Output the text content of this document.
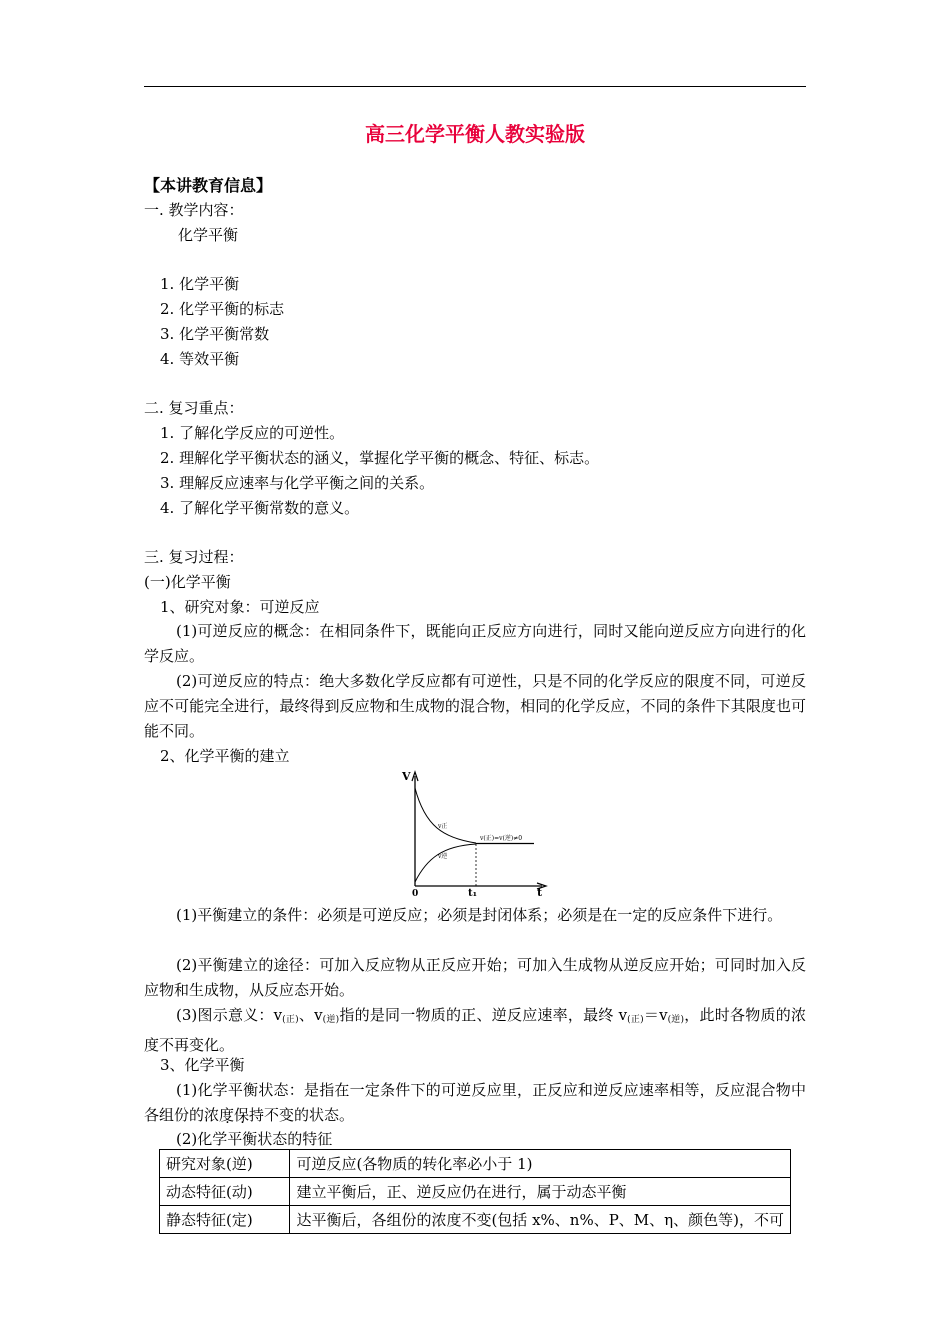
高三化学平衡人教实验版
【本讲教育信息】
一. 教学内容：
化学平衡
1. 化学平衡
2. 化学平衡的标志
3. 化学平衡常数
4. 等效平衡
二. 复习重点：
1. 了解化学反应的可逆性。
2. 理解化学平衡状态的涵义，掌握化学平衡的概念、特征、标志。
3. 理解反应速率与化学平衡之间的关系。
4. 了解化学平衡常数的意义。
三. 复习过程：
(一)化学平衡
1、研究对象：可逆反应
(1)可逆反应的概念：在相同条件下，既能向正反应方向进行，同时又能向逆反应方向进行的化学反应。
(2)可逆反应的特点：绝大多数化学反应都有可逆性，只是不同的化学反应的限度不同，可逆反应不可能完全进行，最终得到反应物和生成物的混合物，相同的化学反应，不同的条件下其限度也可能不同。
2、化学平衡的建立
V
t
0	t₁
v正
v逆
v(正)=v(逆)≠0
(1)平衡建立的条件：必须是可逆反应；必须是封闭体系；必须是在一定的反应条件下进行。
(2)平衡建立的途径：可加入反应物从正反应开始；可加入生成物从逆反应开始；可同时加入反应物和生成物，从反应态开始。
(3)图示意义：$v_{(正)}$、$v_{(逆)}$指的是同一物质的正、逆反应速率，最终 $v_{(正)}=v_{(逆)}$，此时各物质的浓度不再变化。
3、化学平衡
(1)化学平衡状态：是指在一定条件下的可逆反应里，正反应和逆反应速率相等，反应混合物中各组份的浓度保持不变的状态。
(2)化学平衡状态的特征
研究对象(逆)	可逆反应(各物质的转化率必小于 1)
动态特征(动)	建立平衡后，正、逆反应仍在进行，属于动态平衡
静态特征(定)	达平衡后，各组份的浓度不变(包括 x%、n%、P、M、η、颜色等)，不可
